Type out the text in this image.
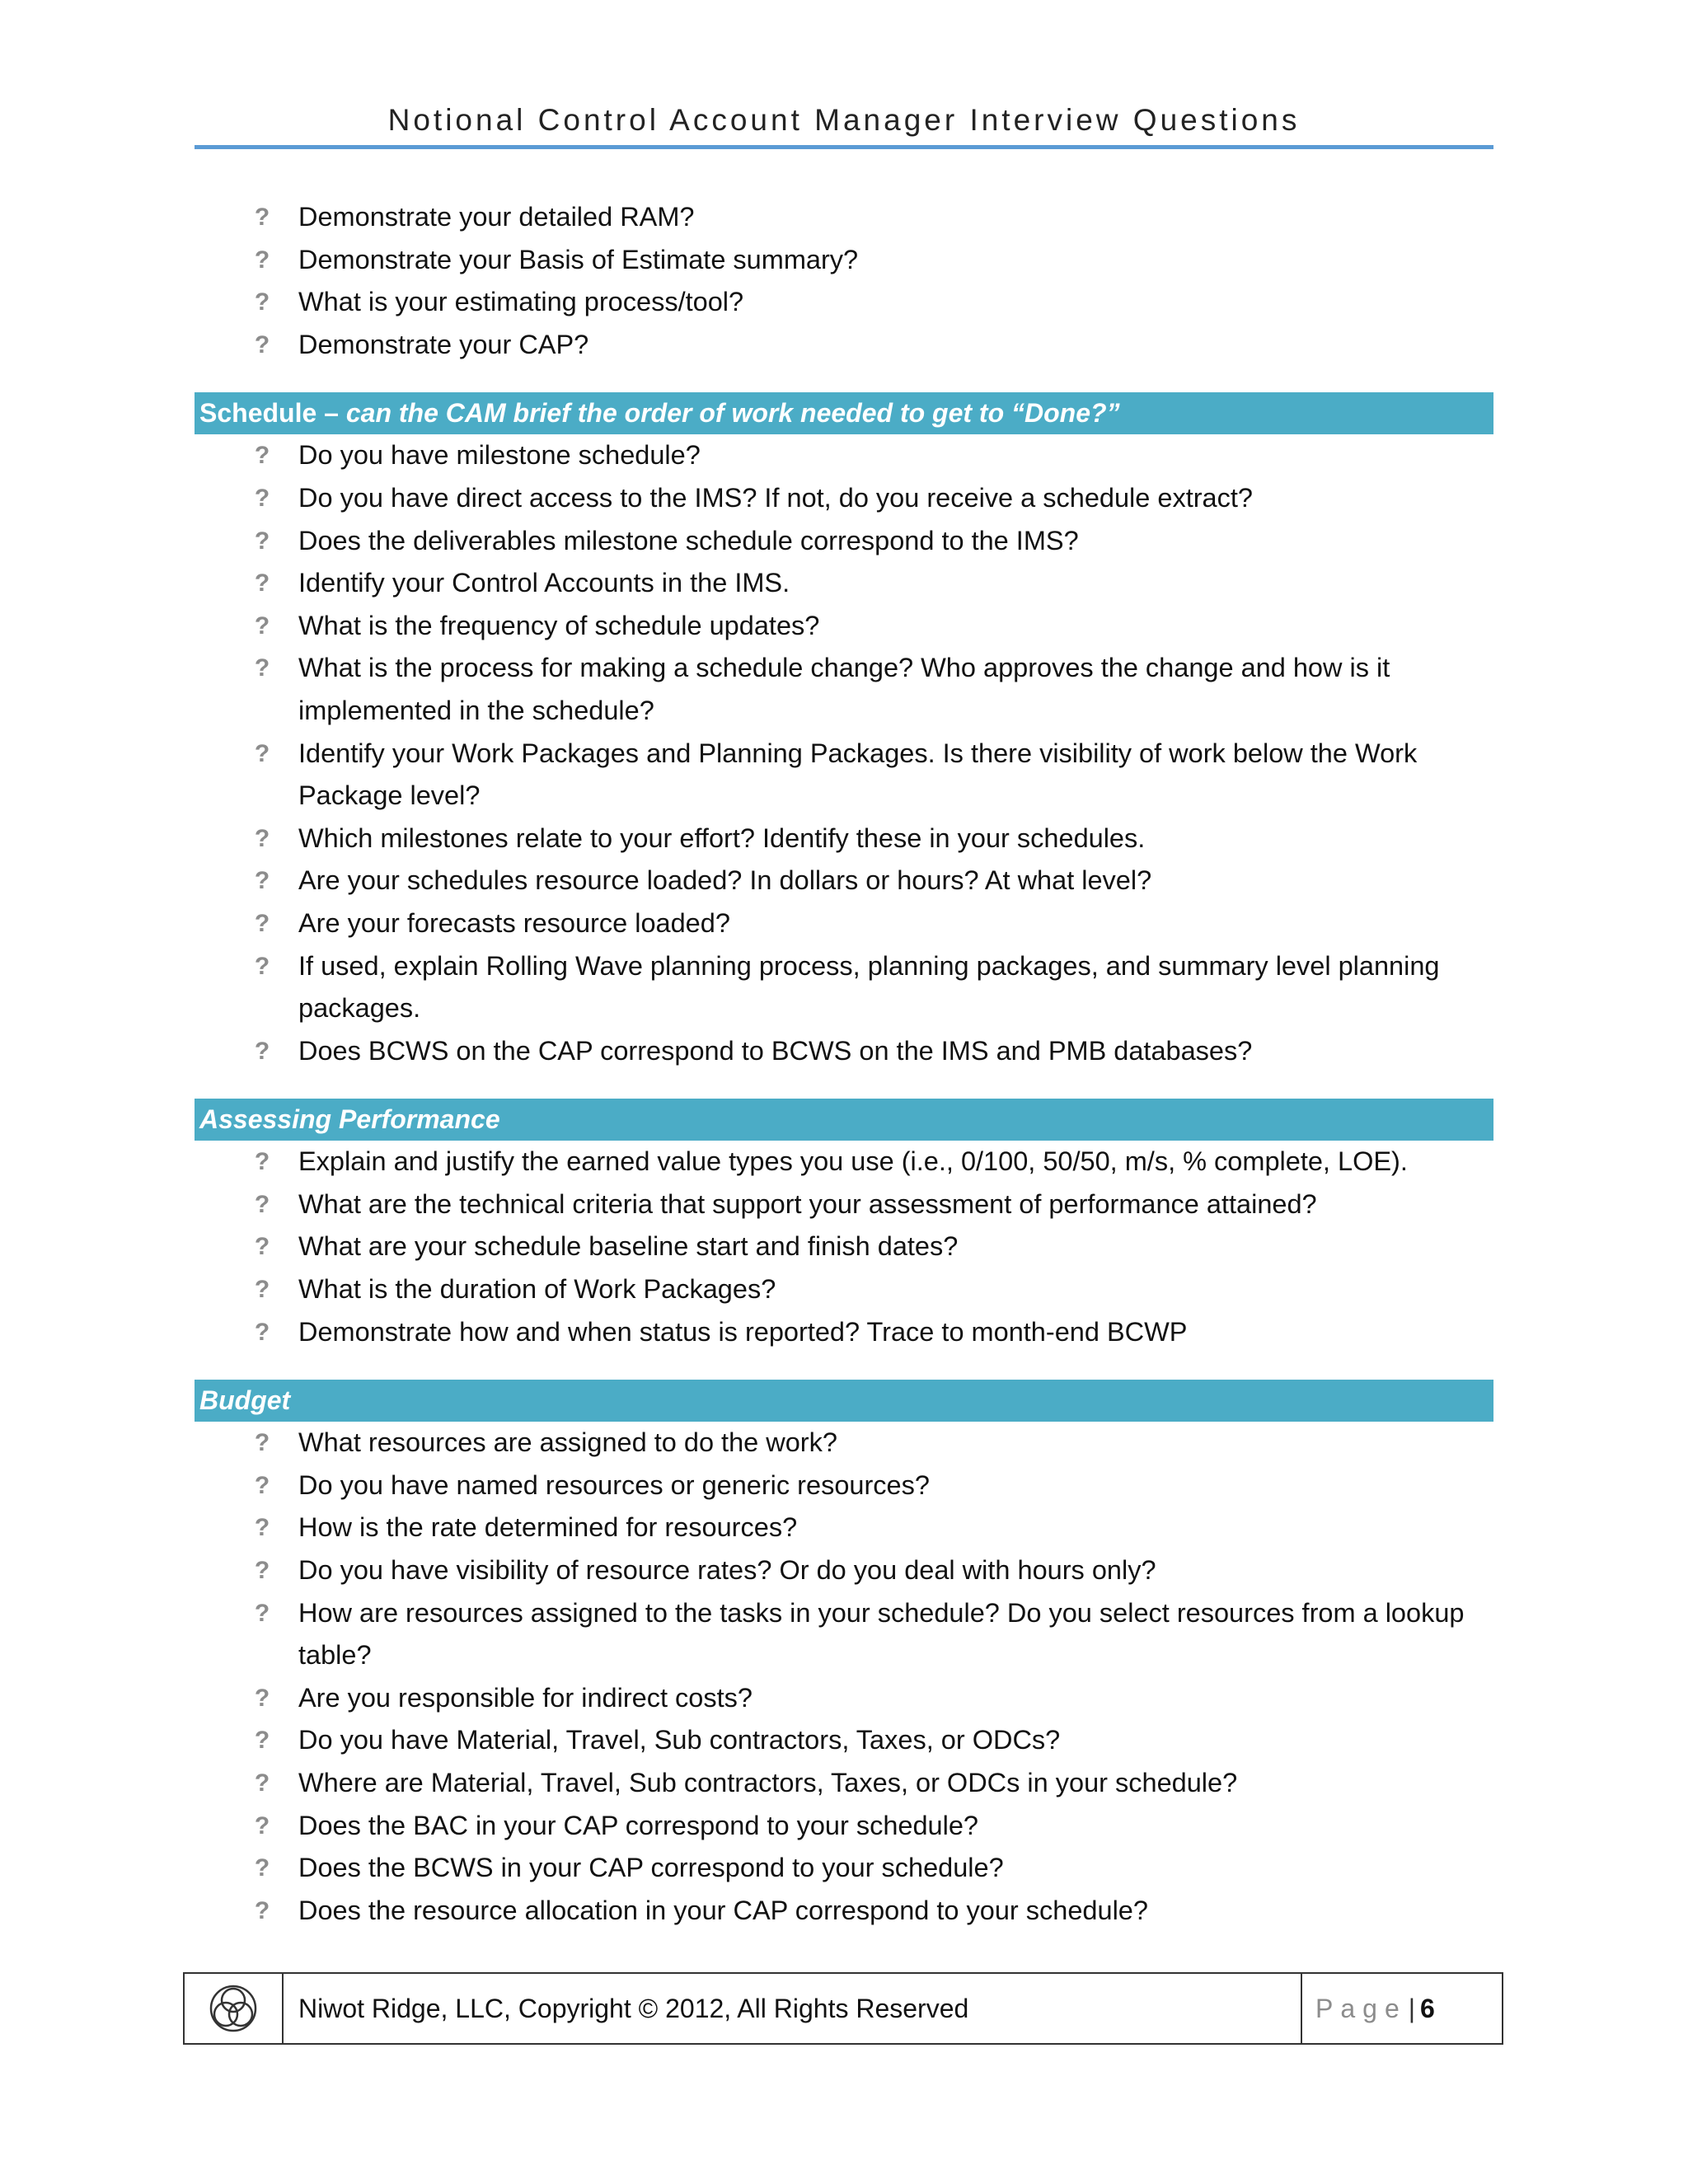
Notional Control Account Manager Interview Questions
? Demonstrate your detailed RAM?
? Demonstrate your Basis of Estimate summary?
? What is your estimating process/tool?
? Demonstrate your CAP?
Schedule – can the CAM brief the order of work needed to get to “Done?”
? Do you have milestone schedule?
? Do you have direct access to the IMS? If not, do you receive a schedule extract?
? Does the deliverables milestone schedule correspond to the IMS?
? Identify your Control Accounts in the IMS.
? What is the frequency of schedule updates?
? What is the process for making a schedule change? Who approves the change and how is it implemented in the schedule?
? Identify your Work Packages and Planning Packages. Is there visibility of work below the Work Package level?
? Which milestones relate to your effort? Identify these in your schedules.
? Are your schedules resource loaded? In dollars or hours? At what level?
? Are your forecasts resource loaded?
? If used, explain Rolling Wave planning process, planning packages, and summary level planning packages.
? Does BCWS on the CAP correspond to BCWS on the IMS and PMB databases?
Assessing Performance
? Explain and justify the earned value types you use (i.e., 0/100, 50/50, m/s, % complete, LOE).
? What are the technical criteria that support your assessment of performance attained?
? What are your schedule baseline start and finish dates?
? What is the duration of Work Packages?
? Demonstrate how and when status is reported? Trace to month-end BCWP
Budget
? What resources are assigned to do the work?
? Do you have named resources or generic resources?
? How is the rate determined for resources?
? Do you have visibility of resource rates? Or do you deal with hours only?
? How are resources assigned to the tasks in your schedule? Do you select resources from a lookup table?
? Are you responsible for indirect costs?
? Do you have Material, Travel, Sub contractors, Taxes, or ODCs?
? Where are Material, Travel, Sub contractors, Taxes, or ODCs in your schedule?
? Does the BAC in your CAP correspond to your schedule?
? Does the BCWS in your CAP correspond to your schedule?
? Does the resource allocation in your CAP correspond to your schedule?
Niwot Ridge, LLC, Copyright © 2012, All Rights Reserved	Page | 6
